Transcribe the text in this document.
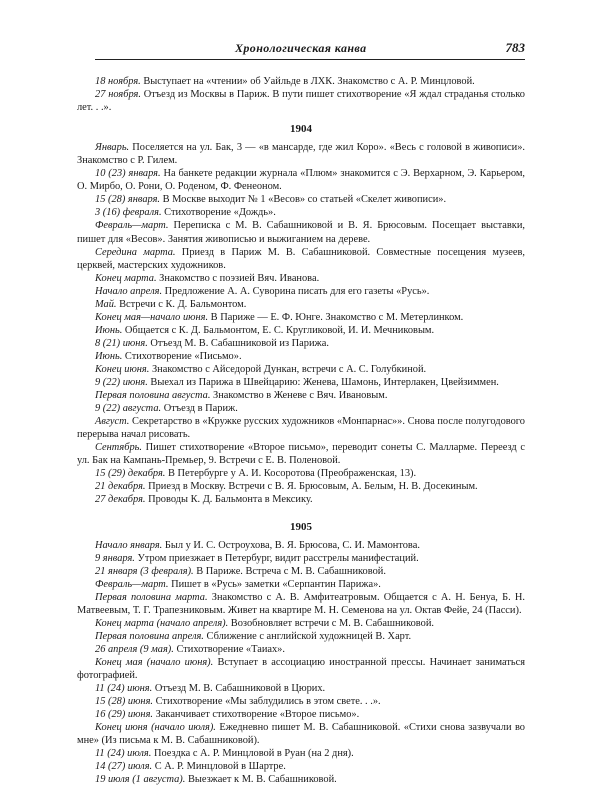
Хронологическая канва	783

18 ноября. Выступает на «чтении» об Уайльде в ЛХК. Знакомство с А. Р. Минцловой.

27 ноября. Отъезд из Москвы в Париж. В пути пишет стихотворение «Я ждал страданья столько лет. . .».

1904

Январь. Поселяется на ул. Бак, 3 — «в мансарде, где жил Коро». «Весь с головой в живописи». Знакомство с Р. Гилем.

10 (23) января. На банкете редакции журнала «Плюм» знакомится с Э. Верхарном, Э. Карьером, О. Мирбо, О. Рони, О. Роденом, Ф. Фенеоном.

15 (28) января. В Москве выходит № 1 «Весов» со статьей «Скелет живописи».

3 (16) февраля. Стихотворение «Дождь».

Февраль—март. Переписка с М. В. Сабашниковой и В. Я. Брюсовым. Посещает выставки, пишет для «Весов». Занятия живописью и выжиганием на дереве.

Середина марта. Приезд в Париж М. В. Сабашниковой. Совместные посещения музеев, церквей, мастерских художников.

Конец марта. Знакомство с поэзией Вяч. Иванова.

Начало апреля. Предложение А. А. Суворина писать для его газеты «Русь».

Май. Встречи с К. Д. Бальмонтом.

Конец мая—начало июня. В Париже — Е. Ф. Юнге. Знакомство с М. Метерлинком.

Июнь. Общается с К. Д. Бальмонтом, Е. С. Кругликовой, И. И. Мечниковым.

8 (21) июня. Отъезд М. В. Сабашниковой из Парижа.

Июнь. Стихотворение «Письмо».

Конец июня. Знакомство с Айседорой Дункан, встречи с А. С. Голубкиной.

9 (22) июня. Выехал из Парижа в Швейцарию: Женева, Шамонь, Интерлакен, Цвейзиммен.

Первая половина августа. Знакомство в Женеве с Вяч. Ивановым.

9 (22) августа. Отъезд в Париж.

Август. Секретарство в «Кружке русских художников «Монпарнас»». Снова после полугодового перерыва начал рисовать.

Сентябрь. Пишет стихотворение «Второе письмо», переводит сонеты С. Малларме. Переезд с ул. Бак на Кампань-Премьер, 9. Встречи с Е. В. Поленовой.

15 (29) декабря. В Петербурге у А. И. Косоротова (Преображенская, 13).

21 декабря. Приезд в Москву. Встречи с В. Я. Брюсовым, А. Белым, Н. В. Досекиным.

27 декабря. Проводы К. Д. Бальмонта в Мексику.

1905

Начало января. Был у И. С. Остроухова, В. Я. Брюсова, С. И. Мамонтова.

9 января. Утром приезжает в Петербург, видит расстрелы манифестаций.

21 января (3 февраля). В Париже. Встреча с М. В. Сабашниковой.

Февраль—март. Пишет в «Русь» заметки «Серпантин Парижа».

Первая половина марта. Знакомство с А. В. Амфитеатровым. Общается с А. Н. Бенуа, Б. Н. Матвеевым, Т. Г. Трапезниковым. Живет на квартире М. Н. Семенова на ул. Октав Фейе, 24 (Пасси).

Конец марта (начало апреля). Возобновляет встречи с М. В. Сабашниковой.

Первая половина апреля. Сближение с английской художницей В. Харт.

26 апреля (9 мая). Стихотворение «Таиах».

Конец мая (начало июня). Вступает в ассоциацию иностранной прессы. Начинает заниматься фотографией.

11 (24) июня. Отъезд М. В. Сабашниковой в Цюрих.

15 (28) июня. Стихотворение «Мы заблудились в этом свете. . .».

16 (29) июня. Заканчивает стихотворение «Второе письмо».

Конец июня (начало июля). Ежедневно пишет М. В. Сабашниковой. «Стихи снова зазвучали во мне» (Из письма к М. В. Сабашниковой).

11 (24) июля. Поездка с А. Р. Минцловой в Руан (на 2 дня).

14 (27) июля. С А. Р. Минцловой в Шартре.

19 июля (1 августа). Выезжает к М. В. Сабашниковой.
